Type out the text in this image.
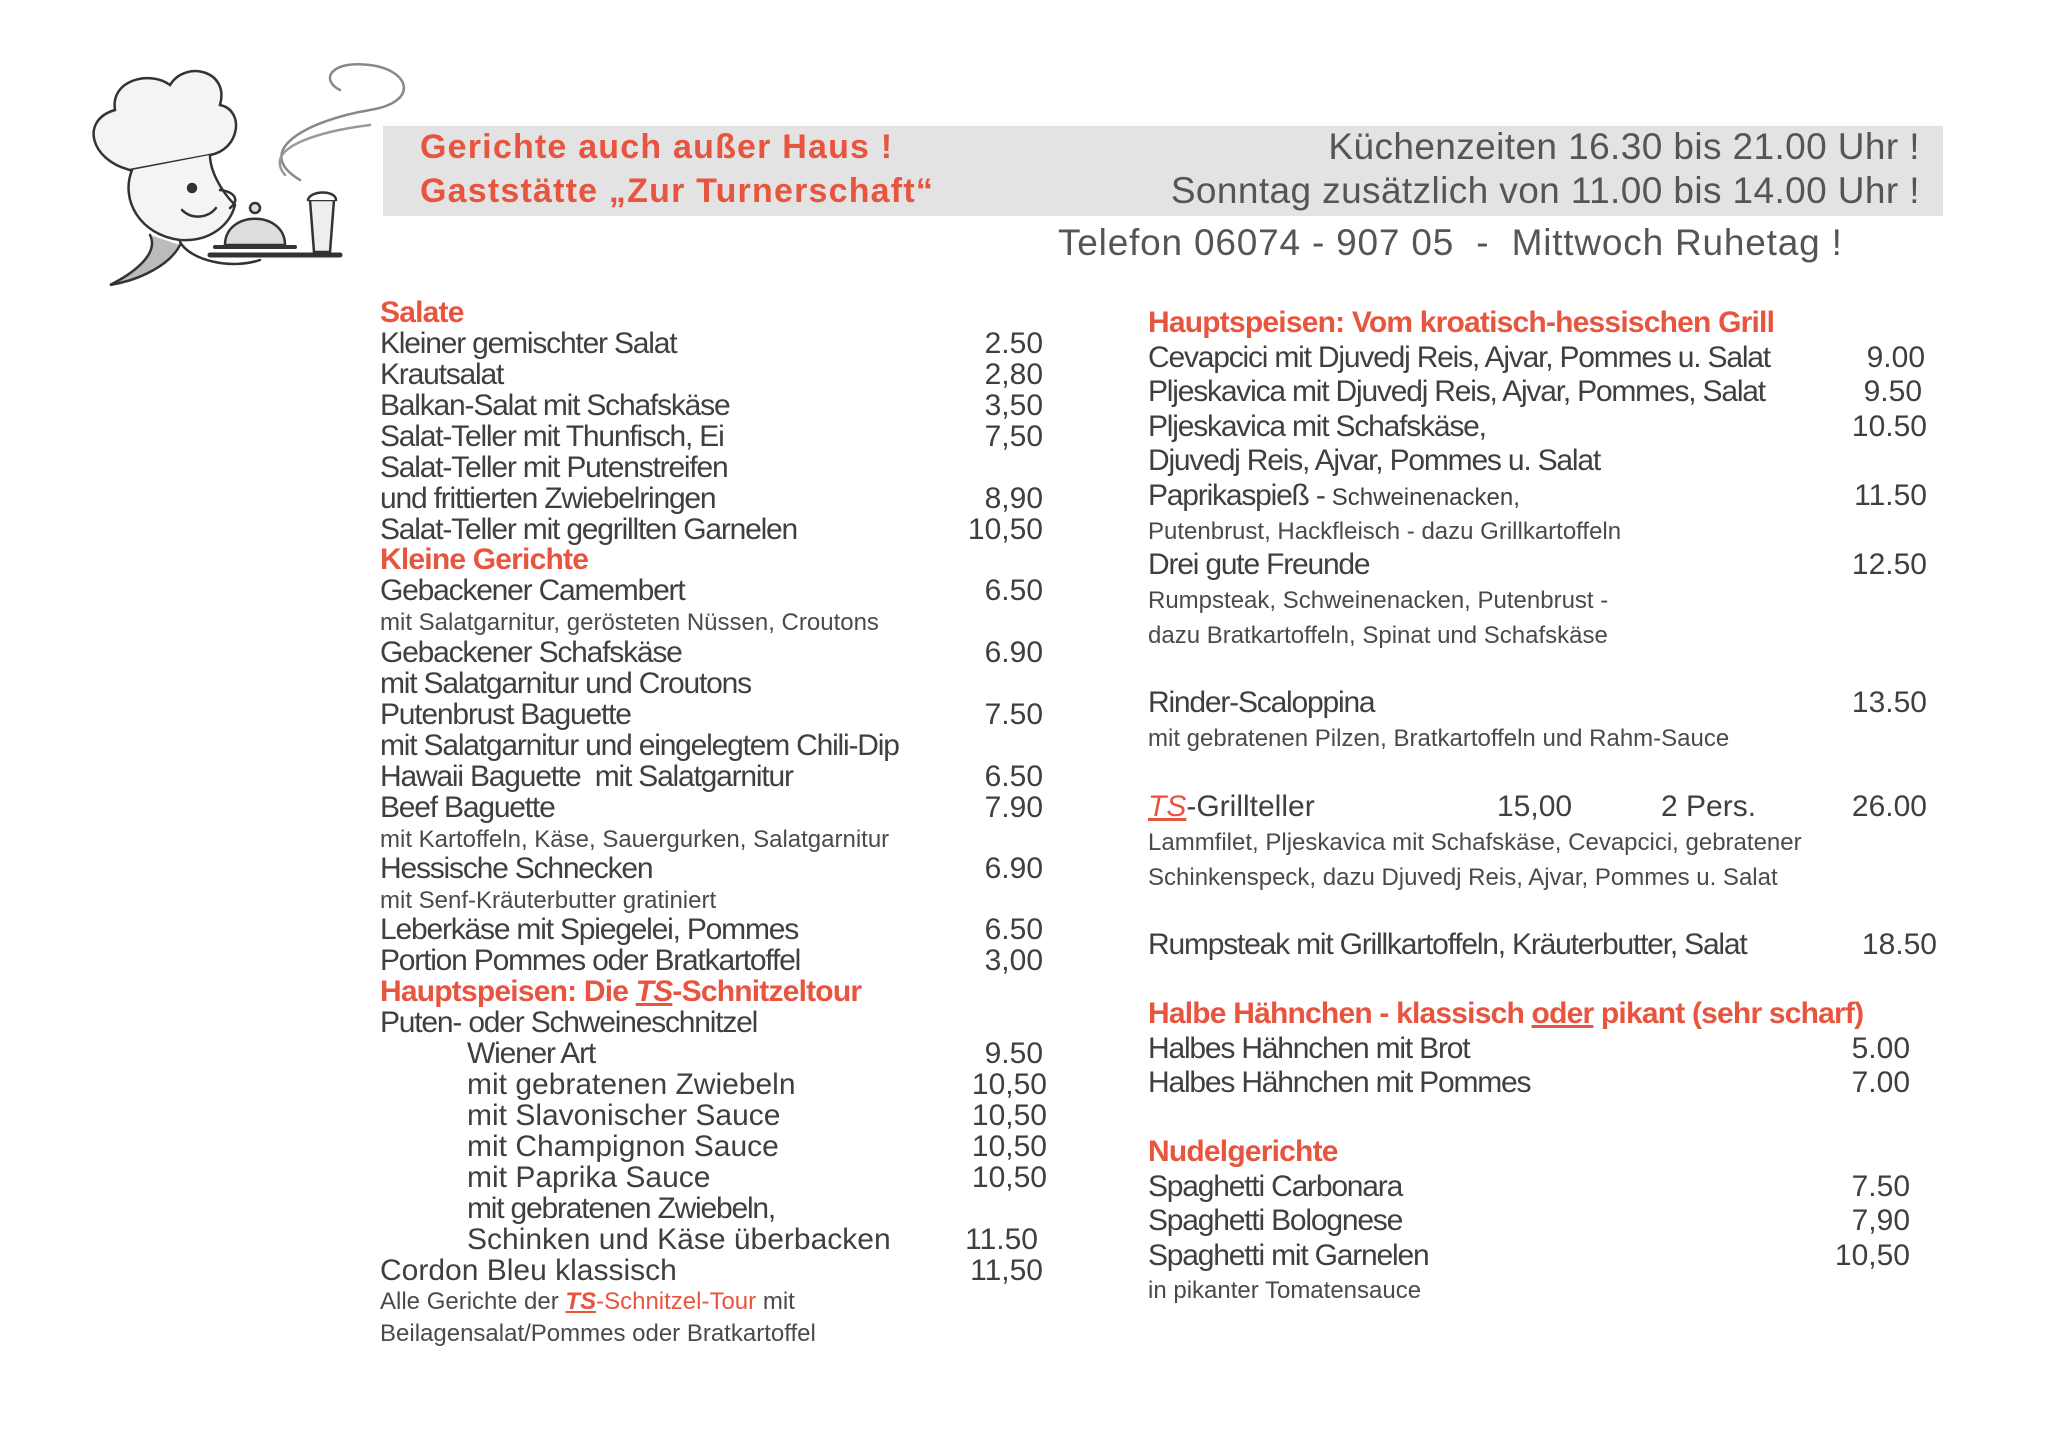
Gerichte auch außer Haus !
Gaststätte „Zur Turnerschaft“
Küchenzeiten 16.30 bis 21.00 Uhr !
Sonntag zusätzlich von 11.00 bis 14.00 Uhr !
Telefon 06074 - 907 05  -  Mittwoch Ruhetag !
Salate
Kleiner gemischter Salat	2.50
Krautsalat	2,80
Balkan-Salat mit Schafskäse	3,50
Salat-Teller mit Thunfisch, Ei	7,50
Salat-Teller mit Putenstreifen
und frittierten Zwiebelringen	8,90
Salat-Teller mit gegrillten Garnelen	10,50
Kleine Gerichte
Gebackener Camembert	6.50
mit Salatgarnitur, gerösteten Nüssen, Croutons
Gebackener Schafskäse	6.90
mit Salatgarnitur und Croutons
Putenbrust Baguette	7.50
mit Salatgarnitur und eingelegtem Chili-Dip
Hawaii Baguette  mit Salatgarnitur	6.50
Beef Baguette	7.90
mit Kartoffeln, Käse, Sauergurken, Salatgarnitur
Hessische Schnecken	6.90
mit Senf-Kräuterbutter gratiniert
Leberkäse mit Spiegelei, Pommes	6.50
Portion Pommes oder Bratkartoffel	3,00
Hauptspeisen: Die TS-Schnitzeltour
Puten- oder Schweineschnitzel
Wiener Art	9.50
mit gebratenen Zwiebeln	10,50
mit Slavonischer Sauce	10,50
mit Champignon Sauce	10,50
mit Paprika Sauce	10,50
mit gebratenen Zwiebeln,
Schinken und Käse überbacken 11.50
Cordon Bleu klassisch	11,50
Alle Gerichte der TS-Schnitzel-Tour mit
Beilagensalat/Pommes oder Bratkartoffel
Hauptspeisen: Vom kroatisch-hessischen Grill
Cevapcici mit Djuvedj Reis, Ajvar, Pommes u. Salat	9.00
Pljeskavica mit Djuvedj Reis, Ajvar, Pommes, Salat	9.50
Pljeskavica mit Schafskäse,	10.50
Djuvedj Reis, Ajvar, Pommes u. Salat
Paprikaspieß - Schweinenacken,	11.50
Putenbrust, Hackfleisch - dazu Grillkartoffeln
Drei gute Freunde	12.50
Rumpsteak, Schweinenacken, Putenbrust -
dazu Bratkartoffeln, Spinat und Schafskäse
Rinder-Scaloppina	13.50
mit gebratenen Pilzen, Bratkartoffeln und Rahm-Sauce
TS-Grillteller	15,00	2 Pers.	26.00
Lammfilet, Pljeskavica mit Schafskäse, Cevapcici, gebratener
Schinkenspeck, dazu Djuvedj Reis, Ajvar, Pommes u. Salat
Rumpsteak mit Grillkartoffeln, Kräuterbutter, Salat	18.50
Halbe Hähnchen - klassisch oder pikant (sehr scharf)
Halbes Hähnchen mit Brot	5.00
Halbes Hähnchen mit Pommes	7.00
Nudelgerichte
Spaghetti Carbonara	7.50
Spaghetti Bolognese	7,90
Spaghetti mit Garnelen	10,50
in pikanter Tomatensauce
